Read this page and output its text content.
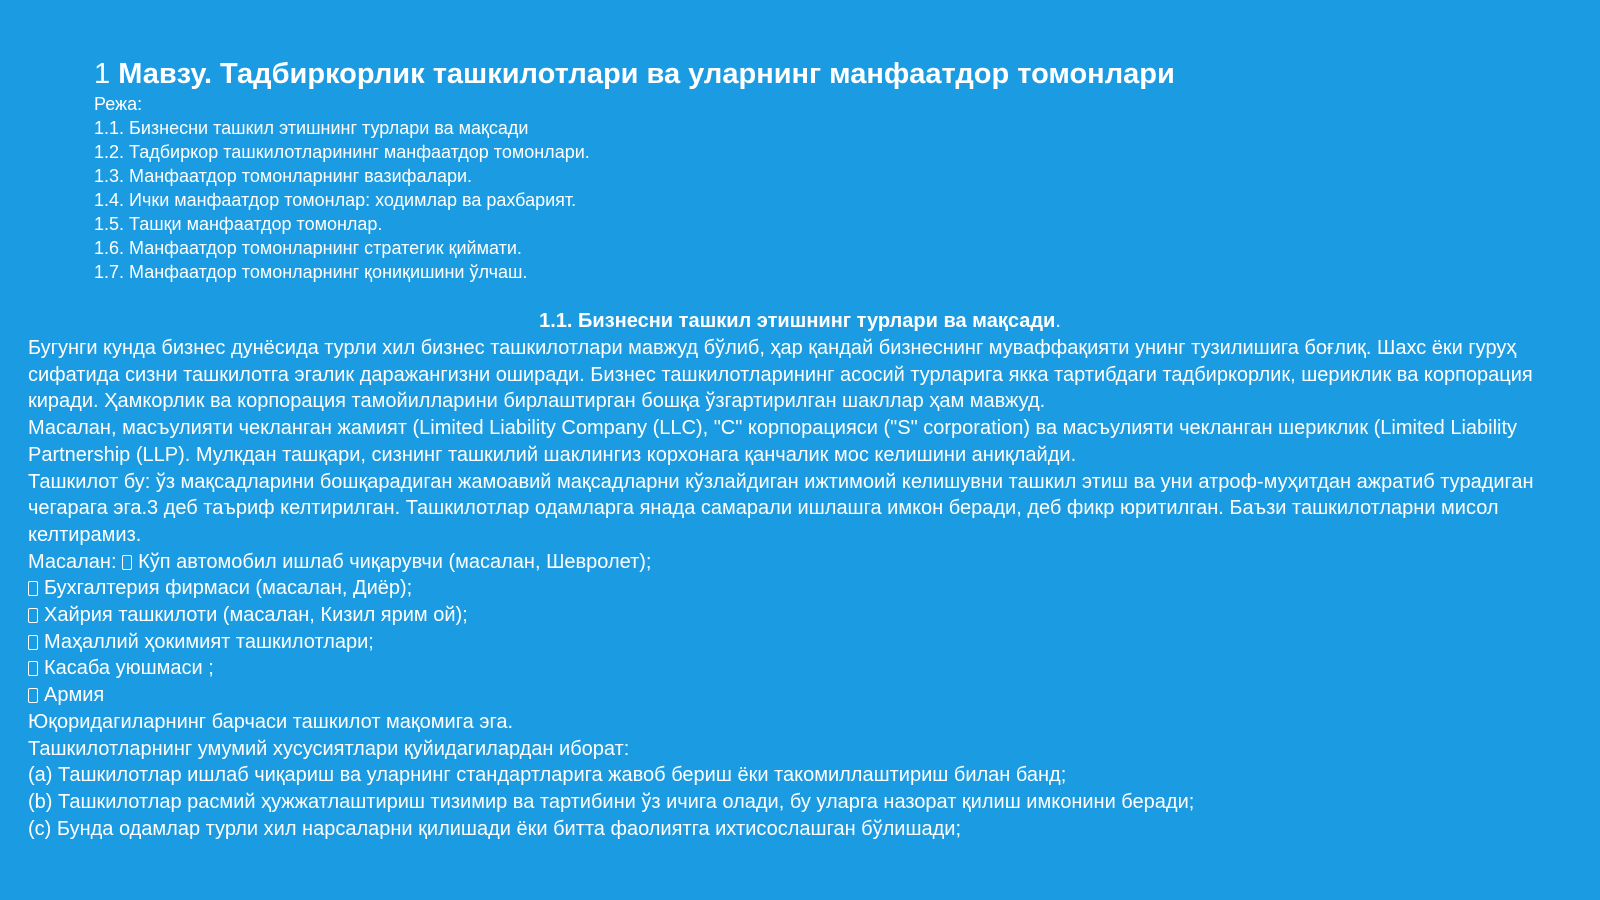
1 Мавзу. Тадбиркорлик ташкилотлари ва уларнинг манфаатдор томонлари
Режа:
1.1. Бизнесни ташкил этишнинг турлари ва мақсади
1.2. Тадбиркор ташкилотларининг манфаатдор томонлари.
1.3. Манфаатдор томонларнинг вазифалари.
1.4. Ички манфаатдор томонлар: ходимлар ва рахбарият.
1.5. Ташқи манфаатдор томонлар.
1.6. Манфаатдор томонларнинг стратегик қиймати.
1.7. Манфаатдор томонларнинг қониқишини ўлчаш.
1.1. Бизнесни ташкил этишнинг турлари ва мақсади.

Бугунги кунда бизнес дунёсида турли хил бизнес ташкилотлари мавжуд бўлиб, ҳар қандай бизнеснинг муваффақияти унинг тузилишига боғлиқ. Шахс ёки гуруҳ сифатида сизни ташкилотга эгалик даражангизни оширади. Бизнес ташкилотларининг асосий турларига якка тартибдаги тадбиркорлик, шериклик ва корпорация киради. Ҳамкорлик ва корпорация тамойилларини бирлаштирган бошқа ўзгартирилган шакллар ҳам мавжуд.

Масалан, масъулияти чекланган жамият (Limited Liability Company (LLC), "C" корпорацияси ("S" corporation) ва масъулияти чекланган шериклик (Limited Liability Partnership (LLP). Мулкдан ташқари, сизнинг ташкилий шаклингиз корхонага қанчалик мос келишини аниқлайди.

Ташкилот бу: ўз мақсадларини бошқарадиган жамоавий мақсадларни кўзлайдиган ижтимоий келишувни ташкил этиш ва уни атроф-муҳитдан ажратиб турадиган чегарага эга.3 деб таъриф келтирилган. Ташкилотлар одамларга янада самарали ишлашга имкон беради, деб фикр юритилган. Баъзи ташкилотларни мисол келтирамиз.

Масалан: Кўп автомобил ишлаб чиқарувчи (масалан, Шевролет);

Бухгалтерия фирмаси (масалан, Диёр);

Хайрия ташкилоти (масалан, Кизил ярим ой);

Маҳаллий ҳокимият ташкилотлари;

Касаба уюшмаси ;

Армия

Юқоридагиларнинг барчаси ташкилот мақомига эга.

Ташкилотларнинг умумий хусусиятлари қуйидагилардан иборат:

(a) Ташкилотлар ишлаб чиқариш ва уларнинг стандартларига жавоб бериш ёки такомиллаштириш билан банд;

(b) Ташкилотлар расмий ҳужжатлаштириш тизимир ва тартибини ўз ичига олади, бу уларга назорат қилиш имконини беради;

(c) Бунда одамлар турли хил нарсаларни қилишади ёки битта фаолиятга ихтисослашган бўлишади;
